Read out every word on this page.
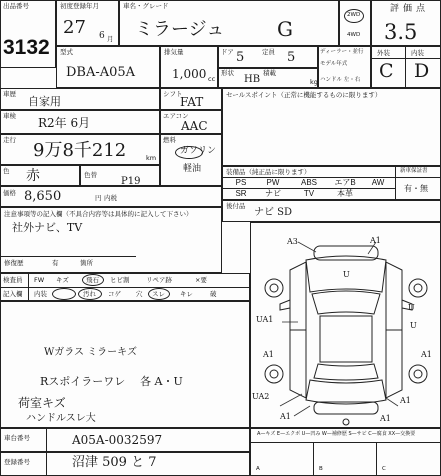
出品番号
3132
初度登録年月
27 6 月
車名・グレード
ミラージュ	G
2WD
4WD
評価点
3.5
型式
DBA-A05A
排気量
1,000 cc
ドア 5	定員 5
形状
HB
積載
kg
ディーラー・並行
モデル年式
ハンドル 左・右
外装	内装
C D
車歴
自家用
シフト
FAT
車検 R2年 6月	エアコン
AAC
走行 9万8千212	km
燃料
ガソリン
軽油
色 赤	色替
P19
価格 8,650	円 内税
セールスポイント（正常に機能するものに限ります）
装備品（純正品に限ります）	新車保証書
PS	PW	ABS	エアB	AW
SR	ナビ	TV	本革
有・無
後付品
ナビ SD
注意事項等の記入欄（不具合内容等は具体的に記入して下さい）
社外ナビ、TV
修復歴	有	箇所
検査員
記入欄
FW キズ	飛石 ヒビ割	リペア跡	×要
内装	汚れ コゲ 穴 スレ キレ	破
Wガラス ミラーキズ
Rスポイラーワレ 各 A・U
荷室キズ
ハンドルスレ大
A3	A1
U
UA1
A1
U
U
A1
UA2
A1
A1
A1
車台番号	A05A-0032597
登録番号	沼津 509 と 7
A—キズ E—エクボ U—凹み W—補修歴 S—サビ C—腐食 XX—交換要
A	B	C
